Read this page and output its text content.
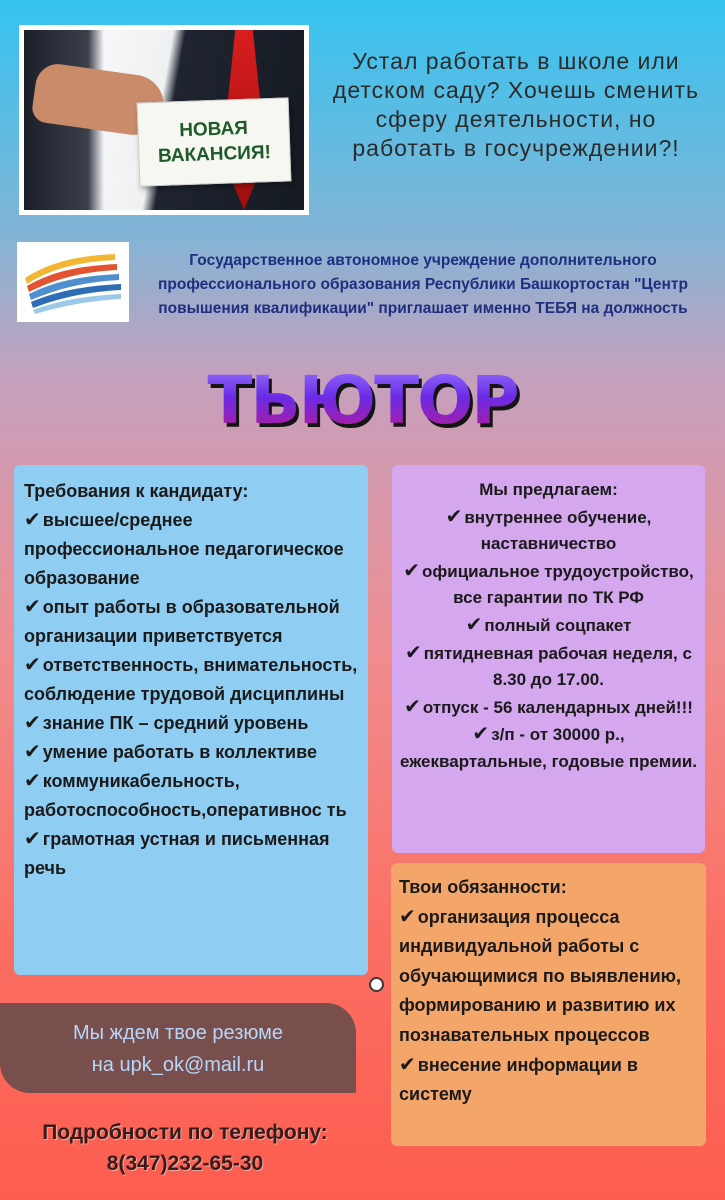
НОВАЯ
ВАКАНСИЯ!
Устал работать в школе или детском саду? Хочешь сменить сферу деятельности, но работать в госучреждении?!
Государственное автономное учреждение дополнительного профессионального образования Республики Башкортостан "Центр повышения квалификации" приглашает именно ТЕБЯ на должность
ТЬЮТОР
Требования к кандидату:
✔ высшее/среднее профессиональное педагогическое образование
✔ опыт работы в образовательной организации приветствуется
✔ ответственность, внимательность, соблюдение трудовой дисциплины
✔ знание ПК – средний уровень
✔ умение работать в коллективе
✔ коммуникабельность, работоспособность,оперативнос ть
✔ грамотная устная и письменная речь
Мы предлагаем:
✔ внутреннее обучение, наставничество
✔ официальное трудоустройство, все гарантии по ТК РФ
✔ полный соцпакет
✔ пятидневная рабочая неделя, с 8.30 до 17.00.
✔ отпуск - 56 календарных дней!!!
✔ з/п - от 30000 р., ежеквартальные, годовые премии.
Твои обязанности:
✔ организация процесса индивидуальной работы с обучающимися по выявлению, формированию и развитию их познавательных процессов
✔ внесение информации в систему
Мы ждем твое резюме
на upk_ok@mail.ru
Подробности по телефону:
8(347)232-65-30
